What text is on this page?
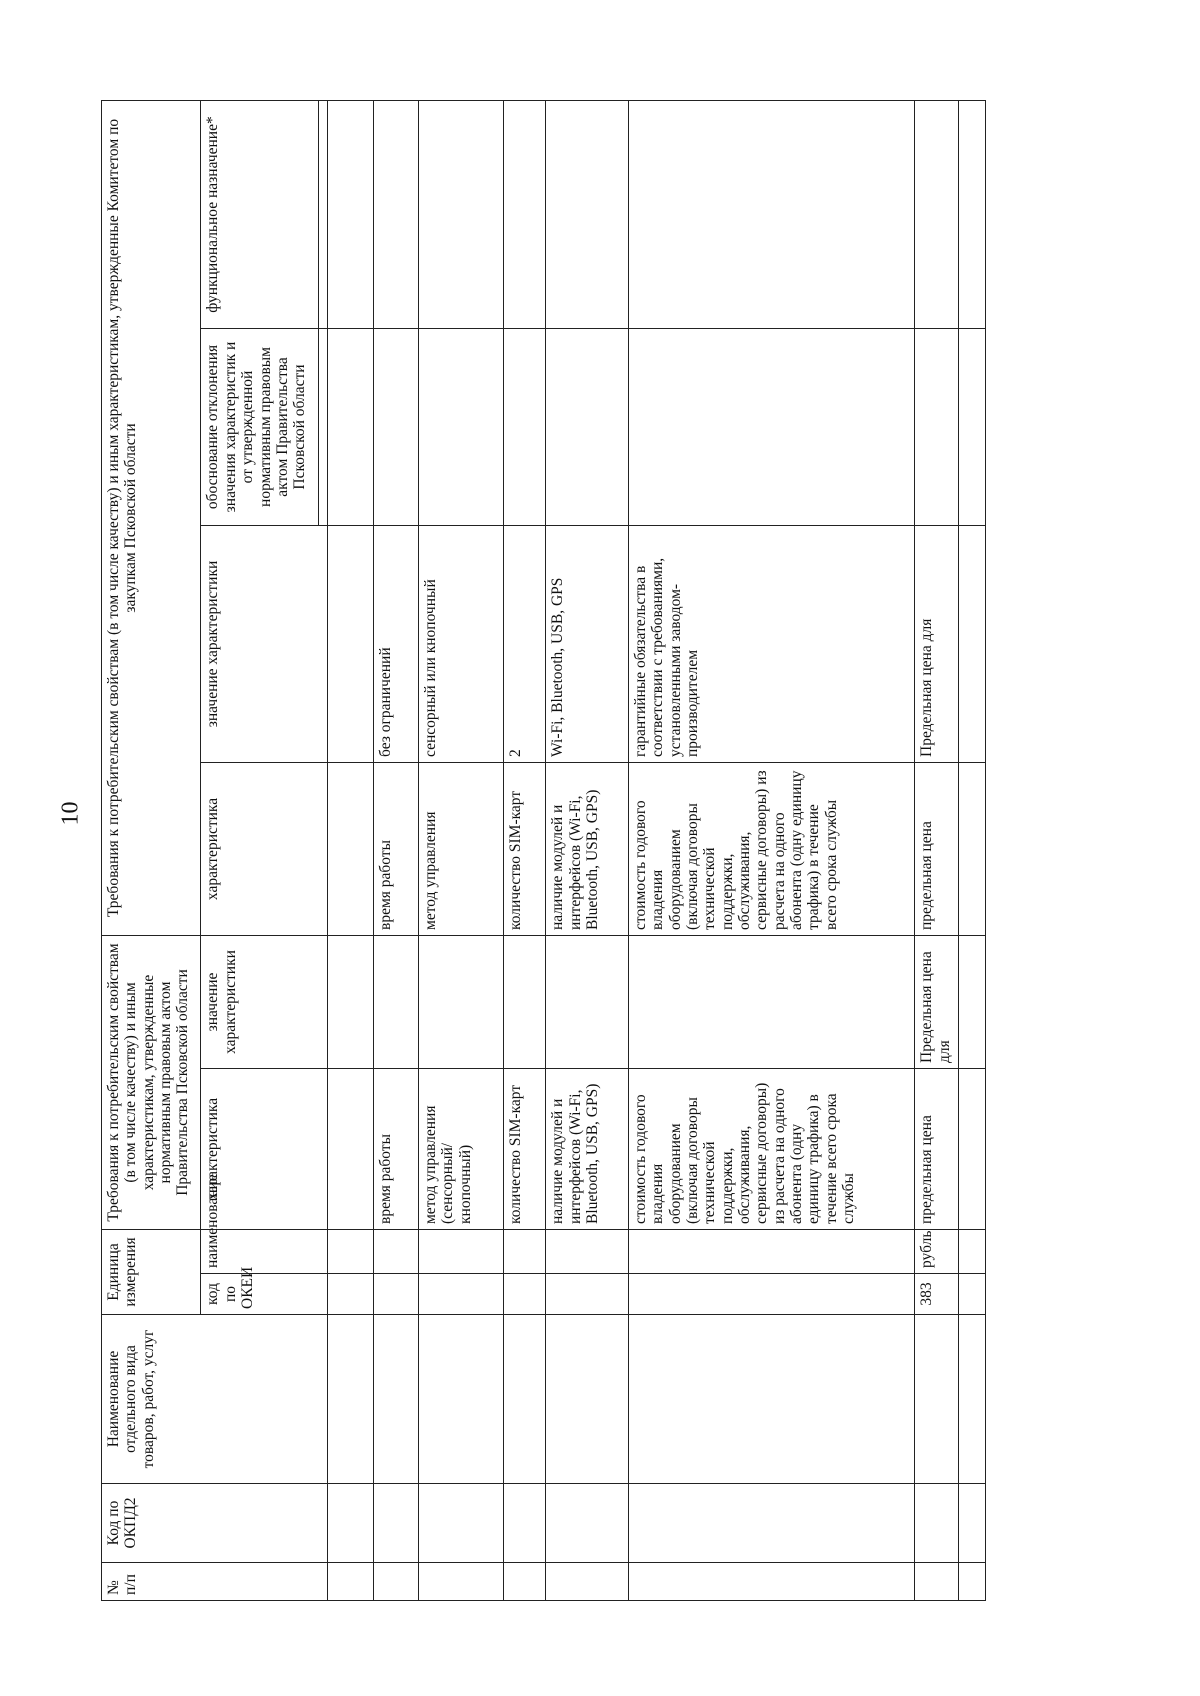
10
№ п/п	Код по ОКПД2	Наименование отдельного вида товаров, работ, услуг	Единица измерения		Требования к потребительским свойствам (в том числе качеству) и иным характеристикам, утвержденные нормативным правовым актом Правительства Псковской области		Требования к потребительским свойствам (в том числе качеству) и иным характеристикам, утвержденные Комитетом по закупкам Псковской области			
			код по ОКЕИ	наименование	характеристика	значение характеристики	характеристика	значение характеристики	обоснование отклонения значения характеристик и от утвержденной нормативным правовым актом Правительства Псковской области	функциональное назначение*

					время работы		время работы	без ограничений		
					метод управления (сенсорный/кнопочный)		метод управления	сенсорный или кнопочный		
					количество SIM-карт		количество SIM-карт	2		
					наличие модулей и интерфейсов (Wi-Fi, Bluetooth, USB, GPS)		наличие модулей и интерфейсов (Wi-Fi, Bluetooth, USB, GPS)	Wi-Fi, Bluetooth, USB, GPS		
					стоимость годового владения оборудованием (включая договоры технической поддержки, обслуживания, сервисные договоры) из расчета на одного абонента (одну единицу трафика) в течение всего срока службы		стоимость годового владения оборудованием (включая договоры технической поддержки, обслуживания, сервисные договоры) из расчета на одного абонента (одну единицу трафика) в течение всего срока службы	гарантийные обязательства в соответствии с требованиями, установленными заводом-производителем		
			383	рубль	предельная цена	Предельная цена для	предельная цена	Предельная цена для		
